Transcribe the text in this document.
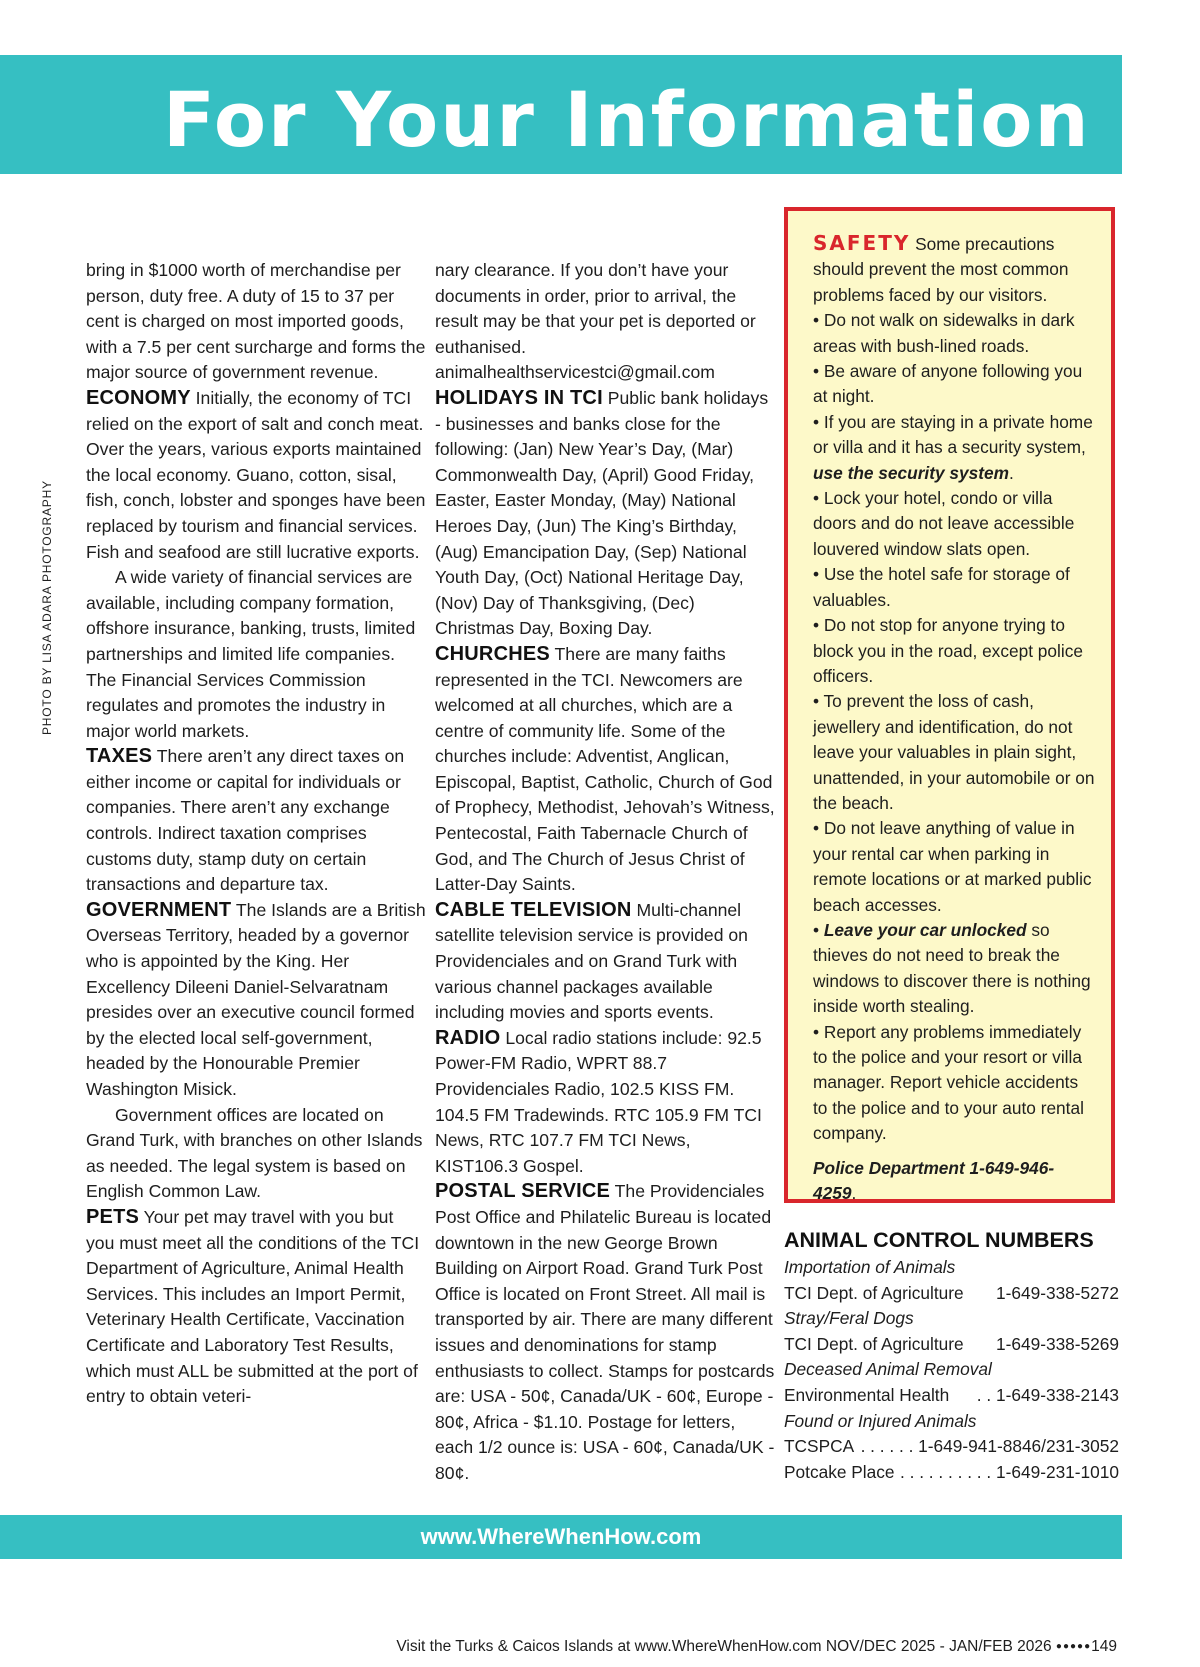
For Your Information
PHOTO BY LISA ADARA PHOTOGRAPHY

bring in $1000 worth of merchandise per person, duty free. A duty of 15 to 37 per cent is charged on most imported goods, with a 7.5 per cent surcharge and forms the major source of government revenue.

ECONOMY Initially, the economy of TCI relied on the export of salt and conch meat. Over the years, various exports maintained the local economy. Guano, cotton, sisal, fish, conch, lobster and sponges have been replaced by tourism and financial services. Fish and seafood are still lucrative exports.

A wide variety of financial services are available, including company formation, offshore insurance, banking, trusts, limited partnerships and limited life companies. The Financial Services Commission regulates and promotes the industry in major world markets.

TAXES There aren’t any direct taxes on either income or capital for individuals or companies. There aren’t any exchange controls. Indirect taxation comprises customs duty, stamp duty on certain transactions and departure tax.

GOVERNMENT The Islands are a British Overseas Territory, headed by a governor who is appointed by the King. Her Excellency Dileeni Daniel-Selvaratnam presides over an executive council formed by the elected local self-government, headed by the Honourable Premier Washington Misick.

Government offices are located on Grand Turk, with branches on other Islands as needed. The legal system is based on English Common Law.

PETS Your pet may travel with you but you must meet all the conditions of the TCI Department of Agriculture, Animal Health Services. This includes an Import Permit, Veterinary Health Certificate, Vaccination Certificate and Laboratory Test Results, which must ALL be submitted at the port of entry to obtain veteri-

nary clearance. If you don’t have your documents in order, prior to arrival, the result may be that your pet is deported or euthanised.

animalhealthservicestci@gmail.com

HOLIDAYS IN TCI Public bank holidays - businesses and banks close for the following: (Jan) New Year’s Day, (Mar) Commonwealth Day, (April) Good Friday, Easter, Easter Monday, (May) National Heroes Day, (Jun) The King’s Birthday, (Aug) Emancipation Day, (Sep) National Youth Day, (Oct) National Heritage Day, (Nov) Day of Thanksgiving, (Dec) Christmas Day, Boxing Day.

CHURCHES There are many faiths represented in the TCI. Newcomers are welcomed at all churches, which are a centre of community life. Some of the churches include: Adventist, Anglican, Episcopal, Baptist, Catholic, Church of God of Prophecy, Methodist, Jehovah’s Witness, Pentecostal, Faith Tabernacle Church of God, and The Church of Jesus Christ of Latter-Day Saints.

CABLE TELEVISION Multi-channel satellite television service is provided on Providenciales and on Grand Turk with various channel packages available including movies and sports events.

RADIO Local radio stations include: 92.5 Power-FM Radio, WPRT 88.7 Providenciales Radio, 102.5 KISS FM. 104.5 FM Tradewinds. RTC 105.9 FM TCI News, RTC 107.7 FM TCI News, KIST106.3 Gospel.

POSTAL SERVICE The Providenciales Post Office and Philatelic Bureau is located downtown in the new George Brown Building on Airport Road. Grand Turk Post Office is located on Front Street. All mail is transported by air. There are many different issues and denominations for stamp enthusiasts to collect. Stamps for postcards are: USA - 50¢, Canada/UK - 60¢, Europe - 80¢, Africa - $1.10. Postage for letters, each 1/2 ounce is: USA - 60¢, Canada/UK - 80¢.

SAFETY Some precautions should prevent the most common problems faced by our visitors.

• Do not walk on sidewalks in dark areas with bush-lined roads.

• Be aware of anyone following you at night.

• If you are staying in a private home or villa and it has a security system, use the security system.

• Lock your hotel, condo or villa doors and do not leave accessible louvered window slats open.

• Use the hotel safe for storage of valuables.

• Do not stop for anyone trying to block you in the road, except police officers.

• To prevent the loss of cash, jewellery and identification, do not leave your valuables in plain sight, unattended, in your automobile or on the beach.

• Do not leave anything of value in your rental car when parking in remote locations or at marked public beach accesses.

• Leave your car unlocked so thieves do not need to break the windows to discover there is nothing inside worth stealing.

• Report any problems immediately to the police and your resort or villa manager. Report vehicle accidents to the police and to your auto rental company.

Police Department 1-649-946-4259.

ANIMAL CONTROL NUMBERS
Importation of Animals
TCI Dept. of Agriculture 1-649-338-5272
Stray/Feral Dogs
TCI Dept. of Agriculture 1-649-338-5269
Deceased Animal Removal
Environmental Health . . 1-649-338-2143
Found or Injured Animals
TCSPCA . . . . . . 1-649-941-8846/231-3052
Potcake Place . . . . . . . . . . 1-649-231-1010
www.WhereWhenHow.com
Visit the Turks & Caicos Islands at www.WhereWhenHow.com NOV/DEC 2025 - JAN/FEB 2026 ●●●●●149
